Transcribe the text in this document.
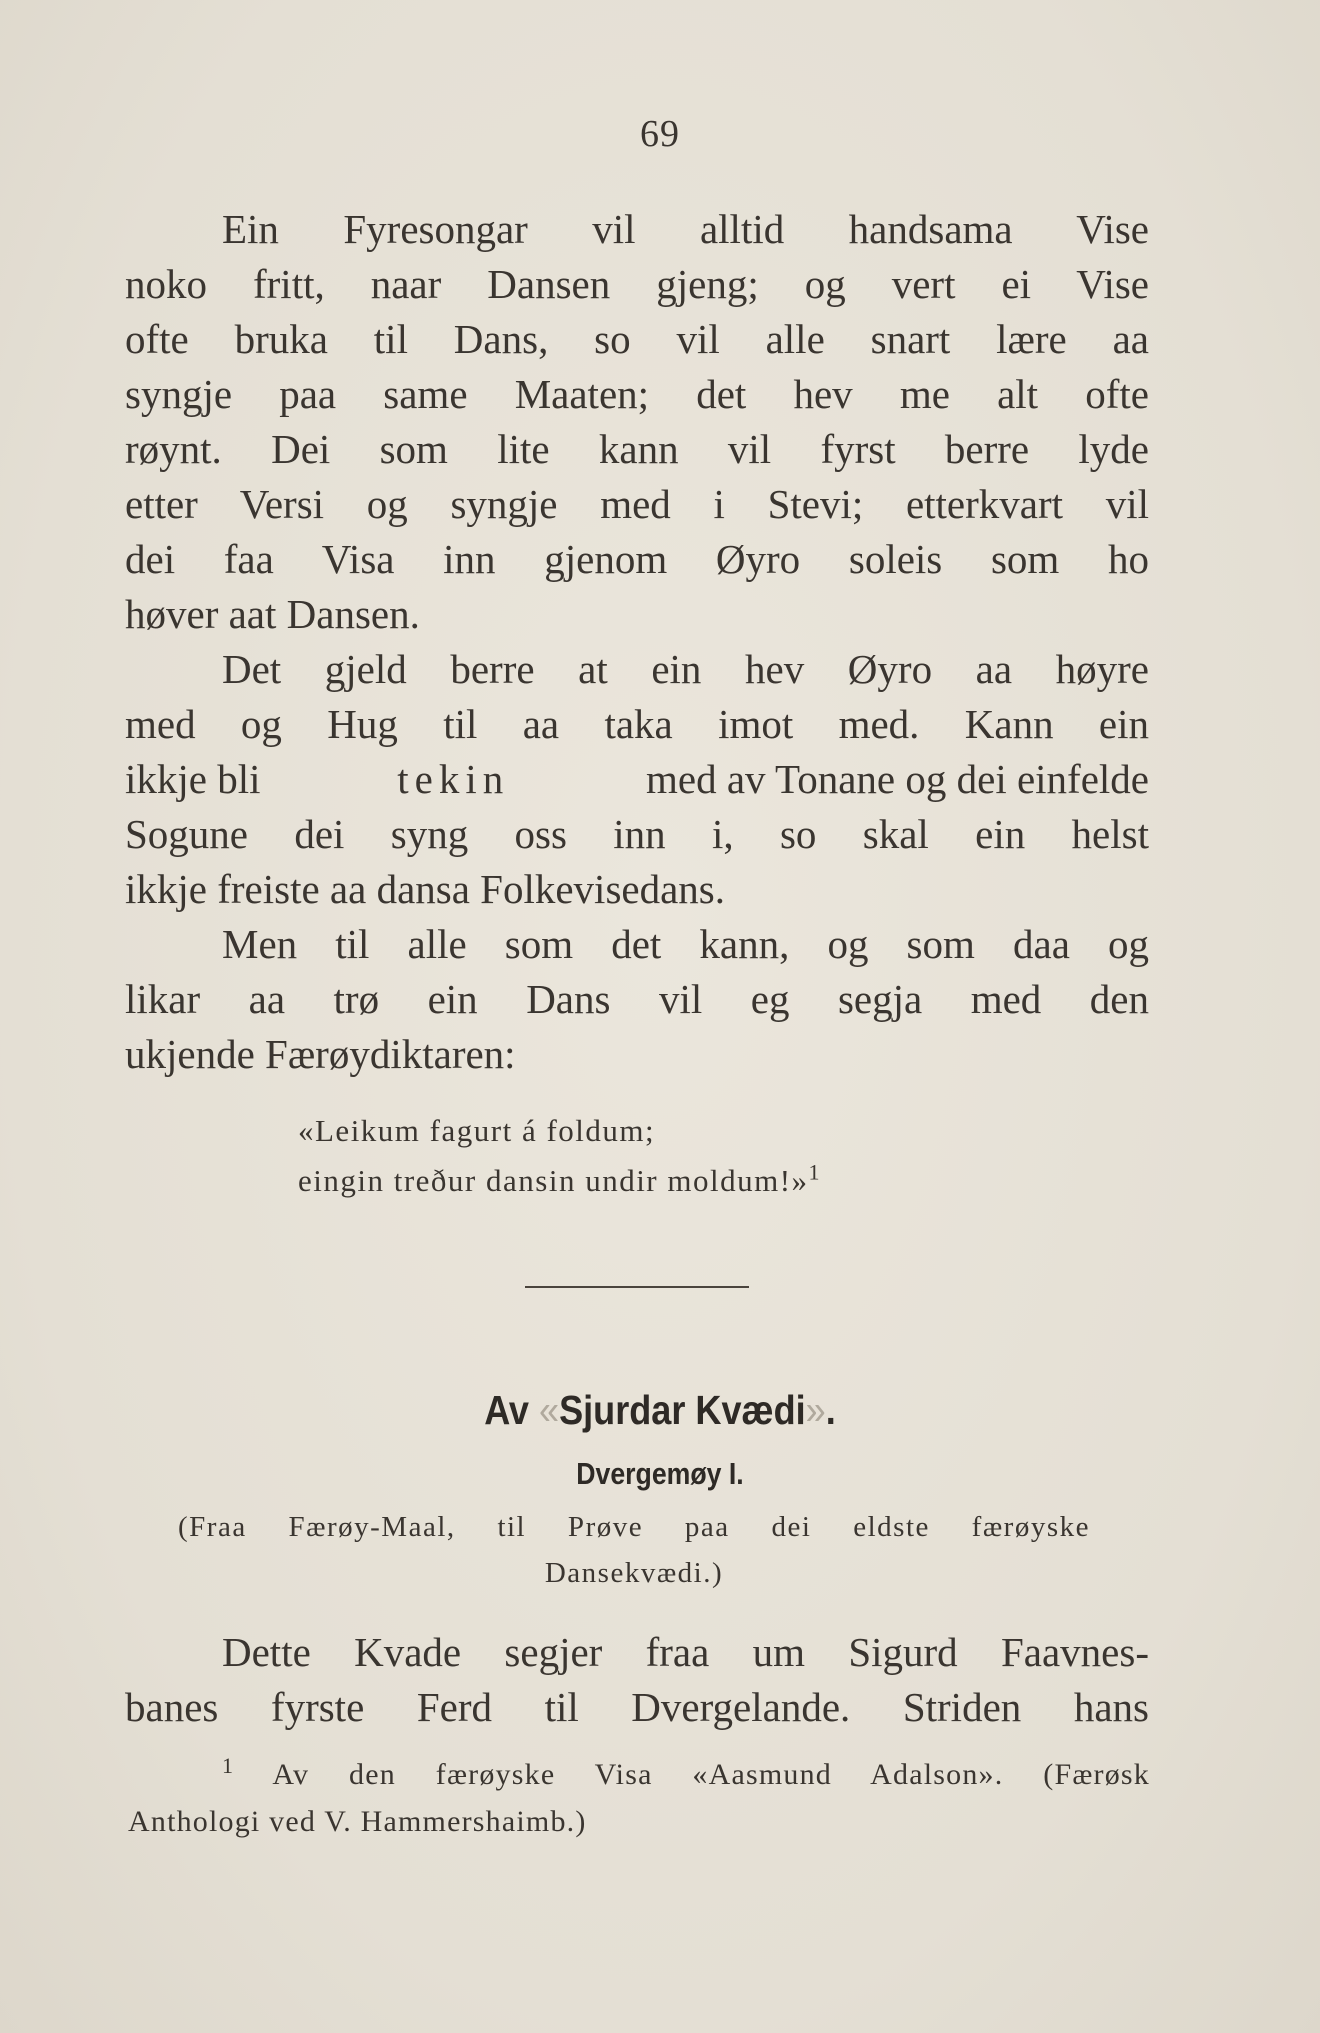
69
Ein Fyresongar vil alltid handsama Vise
noko fritt, naar Dansen gjeng; og vert ei Vise
ofte bruka til Dans, so vil alle snart lære aa
syngje paa same Maaten; det hev me alt ofte
røynt. Dei som lite kann vil fyrst berre lyde
etter Versi og syngje med i Stevi; etterkvart vil
dei faa Visa inn gjenom Øyro soleis som ho
høver aat Dansen.
Det gjeld berre at ein hev Øyro aa høyre
med og Hug til aa taka imot med. Kann ein
ikkje bli	tekin	med av Tonane og dei einfelde
Sogune dei syng oss inn i, so skal ein helst
ikkje freiste aa dansa Folkevisedans.
Men til alle som det kann, og som daa og
likar aa trø ein Dans vil eg segja med den
ukjende Færøydiktaren:
«Leikum fagurt á foldum;
eingin treður dansin undir moldum!»$^1$
Av «Sjurdar Kvædi».
Dvergemøy I.
(Fraa Færøy-Maal, til Prøve paa dei eldste færøyske
Dansekvædi.)
Dette Kvade segjer fraa um Sigurd Faavnes-
banes fyrste Ferd til Dvergelande. Striden hans
$^1$ Av den færøyske Visa «Aasmund Adalson». (Færøsk
Anthologi ved V. Hammershaimb.)
